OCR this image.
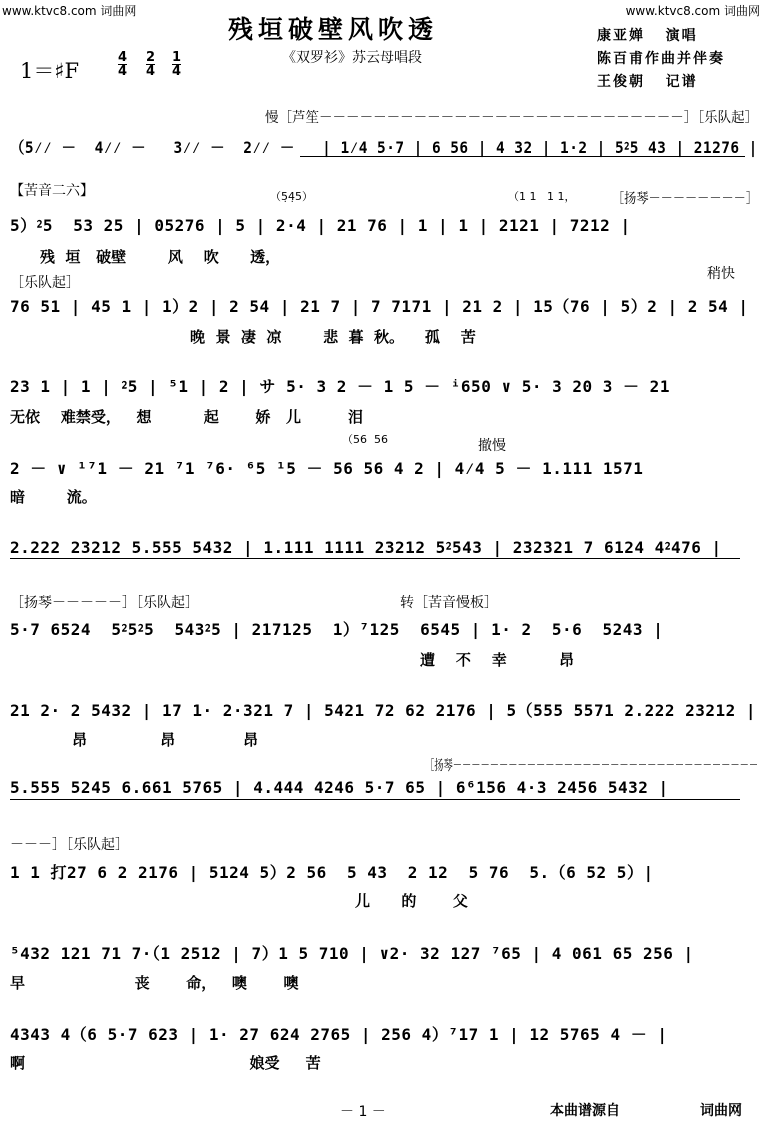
www.ktvc8.com 词曲网	www.ktvc8.com 词曲网
残垣破壁风吹透
《双罗衫》苏云母唱段
康亚婵   演唱
陈百甫作曲并伴奏
王俊朝   记谱
1＝♯F
4
4
2
4
1
4
慢［芦笙－－－－－－－－－－－－－－－－－－－－－－－－－－－］［乐队起］
（5⁄⁄ －  4⁄⁄ －   3⁄⁄ －  2⁄⁄ －   | 1⁄4 5·7 | 6 56 | 4 32 | 1·2 | 5⁲5 43 | 21276 |
【苦音二六】	（5̣4̣5）	（1 1   1 1，	［扬琴－－－－－－－－］
5）⁲5  53 25 | 05276 | 5 | 2·4 | 21 76 | 1 | 1 | 2121 | 7212 |
残  垣   破壁        风    吹      透，
［乐队起］
稍快
76 51 | 45 1 | 1）2 | 2 54 | 21 7 | 7 7171 | 21 2 | 15（76 | 5）2 | 2 54 |
晚  景  凄  凉        悲  暮  秋。    孤    苦
23 1 | 1 | ⁲5 | ⁵1 | 2 | サ 5· 3 2 － 1 5 － ⁱ650 ∨ 5· 3 20 3 － 21
无依    难禁受，   想          起       娇   儿         泪
（56  56	撤慢
2 － ∨ ¹⁷1 － 21 ⁷1 ⁷6· ⁶5 ¹5 － 56 56 4 2 | 4⁄4 5 － 1.111 1571
暗        流。
2.222 23212 5.555 5432 | 1.111 1111 23212 5⁲543 | 232321 7 6124 4⁲476 |
［扬琴－－－－－］［乐队起］	转［苦音慢板］
5·7 6524  5⁲5⁲5  543⁲5 | 217125  1）⁷125  6545 | 1· 2  5·6  5243 |
遭    不    幸          昂
21 2· 2 5432 | 17 1· 2·321 7 | 5421 72 62 2176 | 5（555 5571 2.222 23212 |
昂              昂             昂
［扬琴－－－－－－－－－－－－－－－－－－－－－－－－－－－－－－－－－
5.555 5245 6.661 5765 | 4.444 4246 5·7 65 | 6⁶156 4·3 2456 5432 |
－－－］［乐队起］
1 1 打27 6 2 2176 | 5124 5）2 56  5 43  2 12  5 76  5.（6 52 5）|
儿      的       父
⁵432 121 71 7·（1 2512 | 7）1 5 710 | ∨2· 32 127 ⁷65 | 4 061 65 256 |
早                     丧       命，   噢       噢
4343 4（6 5·7 623 | 1· 27 624 2765 | 256 4）⁷17 1 | 12 5765 4 － |
啊                                           娘受     苦
－ 1 －	本曲谱源自	词曲网
